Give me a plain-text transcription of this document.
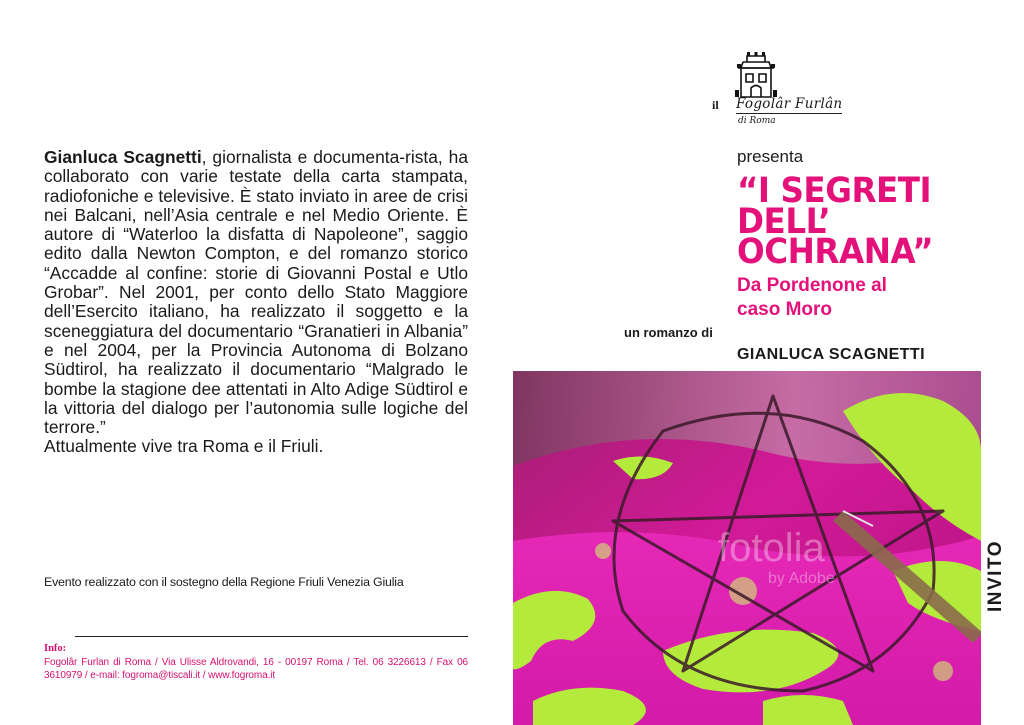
Gianluca Scagnetti, giornalista e documenta-rista, ha collaborato con varie testate della carta stampata, radiofoniche e televisive. È stato inviato in aree de crisi nei Balcani, nell’Asia centrale e nel Medio Oriente. È autore di “Waterloo la disfatta di Napoleone”, saggio edito dalla Newton Compton, e del romanzo storico “Accadde al confine: storie di Giovanni Postal e Utlo Grobar”. Nel 2001, per conto dello Stato Maggiore dell’Esercito italiano, ha realizzato il soggetto e la sceneggiatura del documentario “Granatieri in Albania” e nel 2004, per la Provincia Autonoma di Bolzano Südtirol, ha realizzato il documentario “Malgrado le bombe la stagione dee attentati in Alto Adige Südtirol e la vittoria del dialogo per l’autonomia sulle logiche del terrore.”
Attualmente vive tra Roma e il Friuli.

Evento realizzato con il sostegno della Regione Friuli Venezia Giulia
Info:
Fogolâr Furlan di Roma / Via Ulisse Aldrovandi, 16 - 00197 Roma / Tel. 06 3226613 / Fax 06 3610979 / e-mail: fogroma@tiscali.it / www.fogroma.it
il Fogolâr Furlân
di Roma
presenta
“I SEGRETI
DELL’
OCHRANA”
Da Pordenone al
caso Moro
un romanzo di
GIANLUCA SCAGNETTI
fotolia
by Adobe	INVITO
